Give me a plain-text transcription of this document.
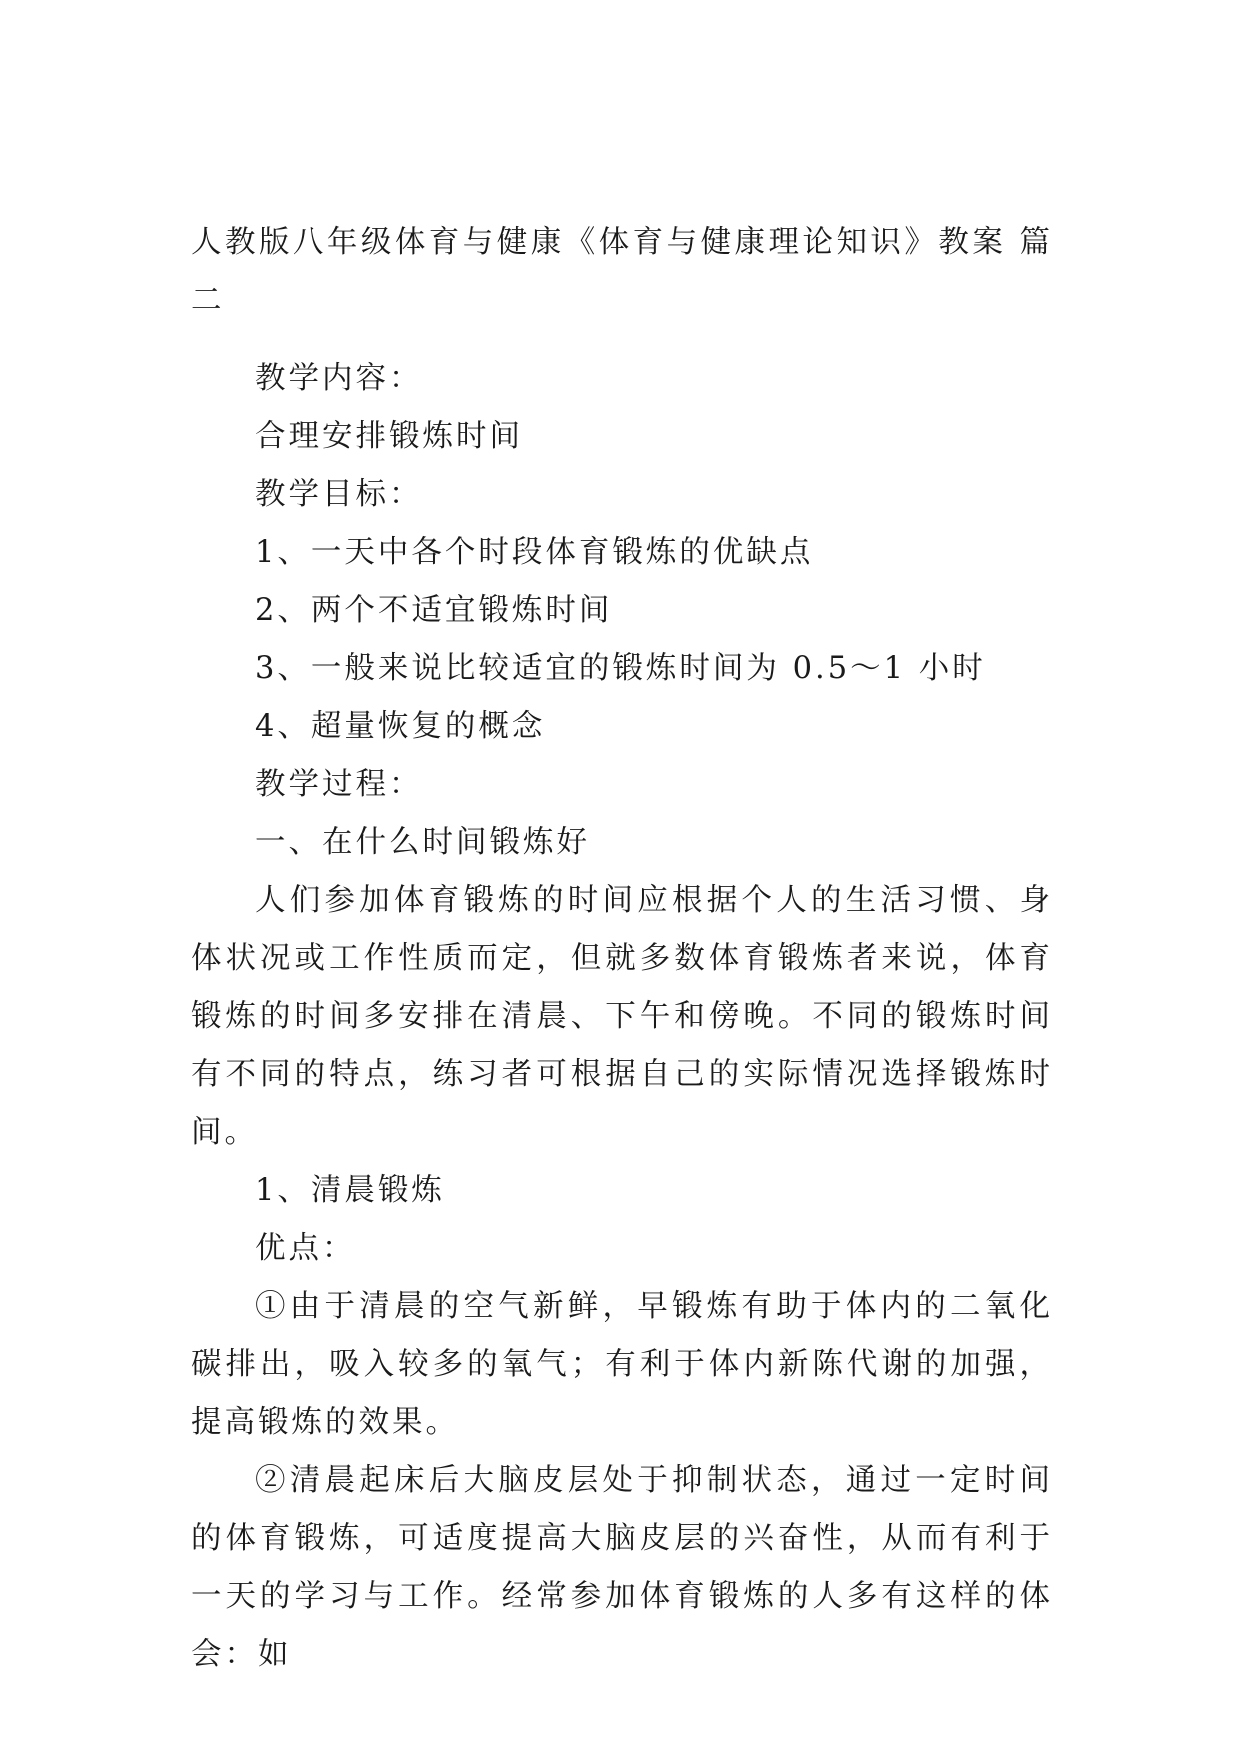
人教版八年级体育与健康《体育与健康理论知识》教案 篇二

教学内容：

合理安排锻炼时间

教学目标：

1、一天中各个时段体育锻炼的优缺点

2、两个不适宜锻炼时间

3、一般来说比较适宜的锻炼时间为 0.5～1 小时

4、超量恢复的概念

教学过程：

一、在什么时间锻炼好

人们参加体育锻炼的时间应根据个人的生活习惯、身体状况或工作性质而定，但就多数体育锻炼者来说，体育锻炼的时间多安排在清晨、下午和傍晚。不同的锻炼时间有不同的特点，练习者可根据自己的实际情况选择锻炼时间。

1、清晨锻炼

优点：

①由于清晨的空气新鲜，早锻炼有助于体内的二氧化碳排出，吸入较多的氧气；有利于体内新陈代谢的加强，提高锻炼的效果。

②清晨起床后大脑皮层处于抑制状态，通过一定时间的体育锻炼，可适度提高大脑皮层的兴奋性，从而有利于一天的学习与工作。经常参加体育锻炼的人多有这样的体会：如
